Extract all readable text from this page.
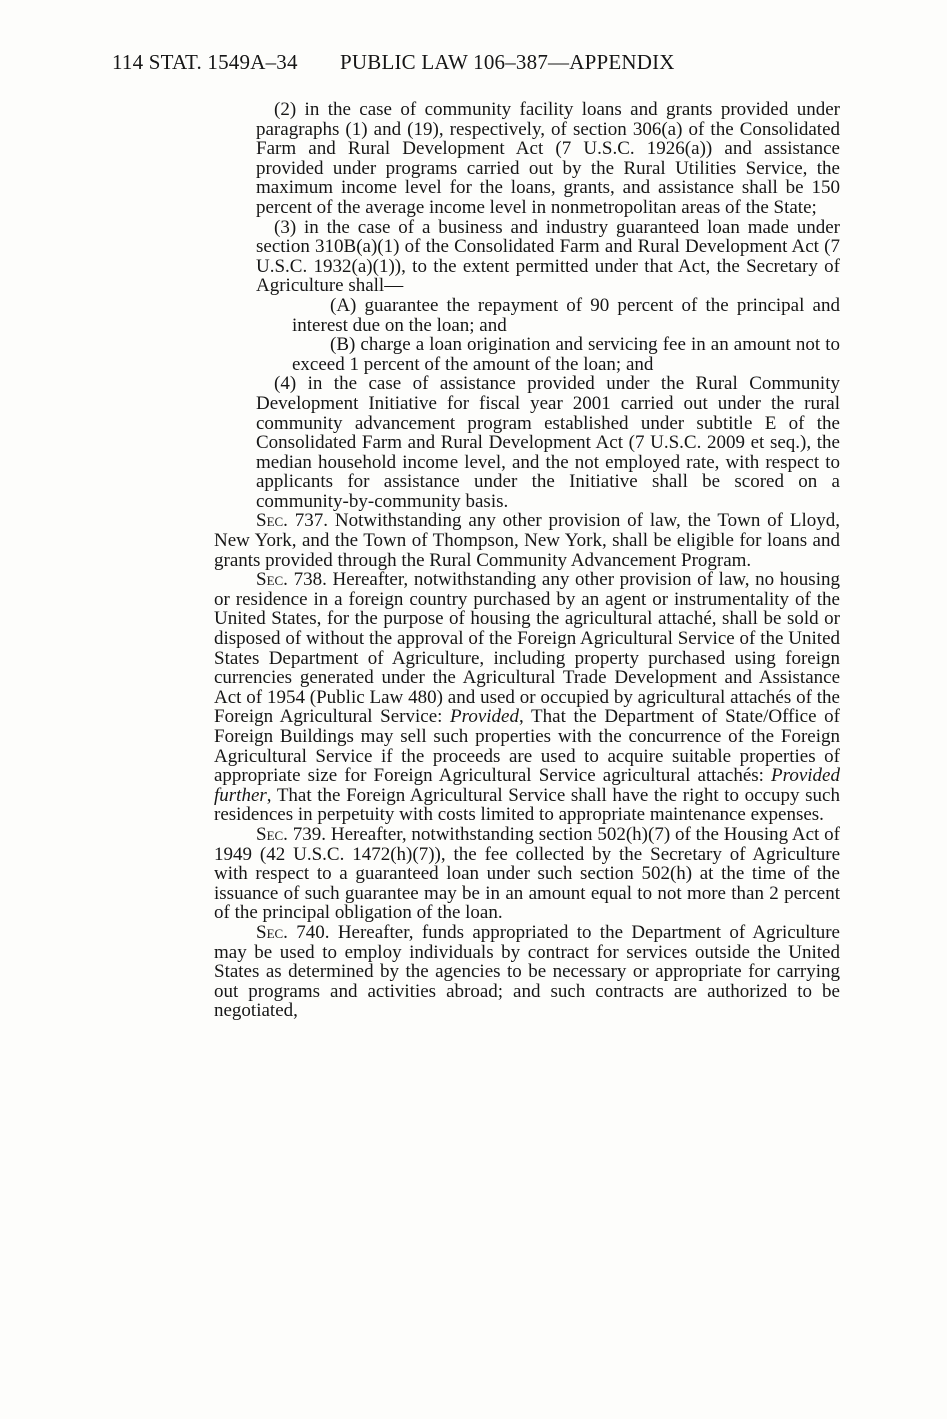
114 STAT. 1549A–34 PUBLIC LAW 106–387—APPENDIX

(2) in the case of community facility loans and grants provided under paragraphs (1) and (19), respectively, of section 306(a) of the Consolidated Farm and Rural Development Act (7 U.S.C. 1926(a)) and assistance provided under programs carried out by the Rural Utilities Service, the maximum income level for the loans, grants, and assistance shall be 150 percent of the average income level in nonmetropolitan areas of the State;

(3) in the case of a business and industry guaranteed loan made under section 310B(a)(1) of the Consolidated Farm and Rural Development Act (7 U.S.C. 1932(a)(1)), to the extent permitted under that Act, the Secretary of Agriculture shall—

(A) guarantee the repayment of 90 percent of the principal and interest due on the loan; and

(B) charge a loan origination and servicing fee in an amount not to exceed 1 percent of the amount of the loan; and

(4) in the case of assistance provided under the Rural Community Development Initiative for fiscal year 2001 carried out under the rural community advancement program established under subtitle E of the Consolidated Farm and Rural Development Act (7 U.S.C. 2009 et seq.), the median household income level, and the not employed rate, with respect to applicants for assistance under the Initiative shall be scored on a community-by-community basis.

Sec. 737. Notwithstanding any other provision of law, the Town of Lloyd, New York, and the Town of Thompson, New York, shall be eligible for loans and grants provided through the Rural Community Advancement Program.

Sec. 738. Hereafter, notwithstanding any other provision of law, no housing or residence in a foreign country purchased by an agent or instrumentality of the United States, for the purpose of housing the agricultural attaché, shall be sold or disposed of without the approval of the Foreign Agricultural Service of the United States Department of Agriculture, including property purchased using foreign currencies generated under the Agricultural Trade Development and Assistance Act of 1954 (Public Law 480) and used or occupied by agricultural attachés of the Foreign Agricultural Service: Provided, That the Department of State/Office of Foreign Buildings may sell such properties with the concurrence of the Foreign Agricultural Service if the proceeds are used to acquire suitable properties of appropriate size for Foreign Agricultural Service agricultural attachés: Provided further, That the Foreign Agricultural Service shall have the right to occupy such residences in perpetuity with costs limited to appropriate maintenance expenses.

Sec. 739. Hereafter, notwithstanding section 502(h)(7) of the Housing Act of 1949 (42 U.S.C. 1472(h)(7)), the fee collected by the Secretary of Agriculture with respect to a guaranteed loan under such section 502(h) at the time of the issuance of such guarantee may be in an amount equal to not more than 2 percent of the principal obligation of the loan.

Sec. 740. Hereafter, funds appropriated to the Department of Agriculture may be used to employ individuals by contract for services outside the United States as determined by the agencies to be necessary or appropriate for carrying out programs and activities abroad; and such contracts are authorized to be negotiated,
